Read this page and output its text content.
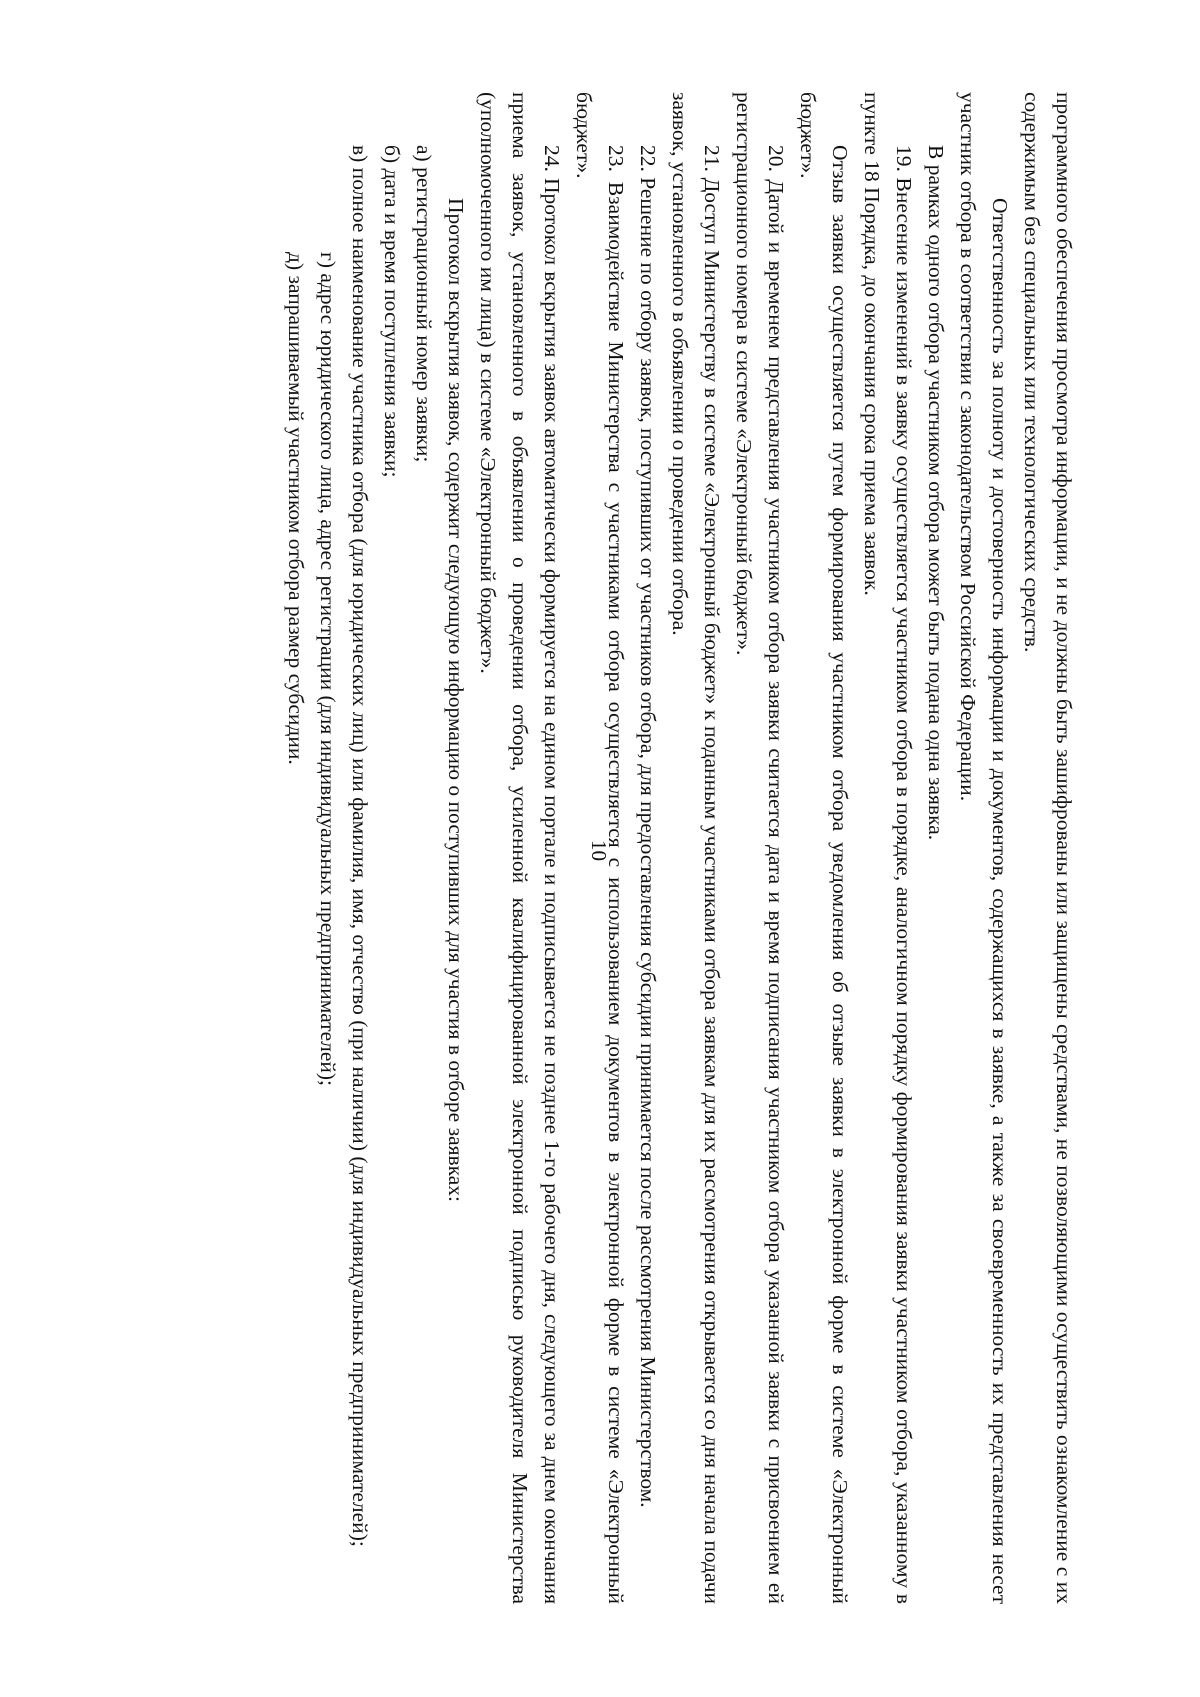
10	программного обеспечения просмотра информации, и не должны быть зашифрованы или защищены средствами, не позволяющими осуществить ознакомление с их содержимым без специальных или технологических средств.

Ответственность за полноту и достоверность информации и документов, содержащихся в заявке, а также за своевременность их представления несет участник отбора в соответствии с законодательством Российской Федерации.

В рамках одного отбора участником отбора может быть подана одна заявка.

19. Внесение изменений в заявку осуществляется участником отбора в порядке, аналогичном порядку формирования заявки участником отбора, указанному в пункте 18 Порядка, до окончания срока приема заявок.

Отзыв заявки осуществляется путем формирования участником отбора уведомления об отзыве заявки в электронной форме в системе «Электронный бюджет».

20. Датой и временем представления участником отбора заявки считается дата и время подписания участником отбора указанной заявки с присвоением ей регистрационного номера в системе «Электронный бюджет».

21. Доступ Министерству в системе «Электронный бюджет» к поданным участниками отбора заявкам для их рассмотрения открывается со дня начала подачи заявок, установленного в объявлении о проведении отбора.

22. Решение по отбору заявок, поступивших от участников отбора, для предоставления субсидии принимается после рассмотрения Министерством.

23. Взаимодействие Министерства с участниками отбора осуществляется с использованием документов в электронной форме в системе «Электронный бюджет».

24. Протокол вскрытия заявок автоматически формируется на едином портале и подписывается не позднее 1-го рабочего дня, следующего за днем окончания приема заявок, установленного в объявлении о проведении отбора, усиленной квалифицированной электронной подписью руководителя Министерства (уполномоченного им лица) в системе «Электронный бюджет».

Протокол вскрытия заявок, содержит следующую информацию о поступивших для участия в отборе заявках:

а) регистрационный номер заявки;

б) дата и время поступления заявки;

в) полное наименование участника отбора (для юридических лиц) или фамилия, имя, отчество (при наличии) (для индивидуальных предпринимателей);

г) адрес юридического лица, адрес регистрации (для индивидуальных предпринимателей);

д) запрашиваемый участником отбора размер субсидии.
